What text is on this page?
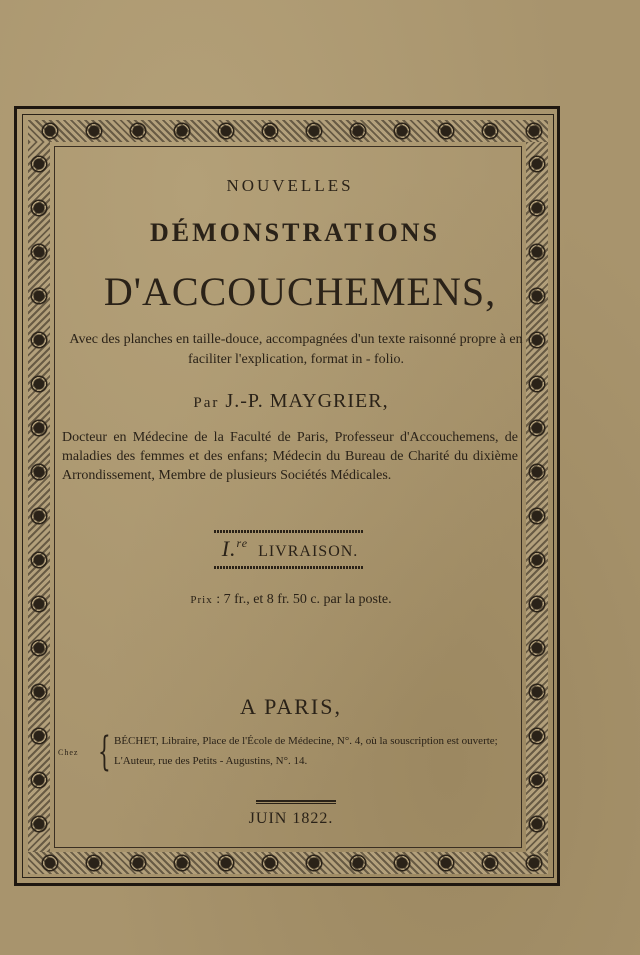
NOUVELLES
DÉMONSTRATIONS
D'ACCOUCHEMENS,
Avec des planches en taille-douce, accompagnées d'un texte raisonné propre à en faciliter l'explication, format in - folio.
Par J.-P. MAYGRIER,
Docteur en Médecine de la Faculté de Paris, Professeur d'Accouchemens, de maladies des femmes et des enfans; Médecin du Bureau de Charité du dixième Arrondissement, Membre de plusieurs Sociétés Médicales.
I.$^{re}$ LIVRAISON.
Prix : 7 fr., et 8 fr. 50 c. par la poste.
A PARIS,
Chez { BÉCHET, Libraire, Place de l'École de Médecine, N°. 4, où la souscription est ouverte;
L'Auteur, rue des Petits - Augustins, N°. 14.
JUIN 1822.
